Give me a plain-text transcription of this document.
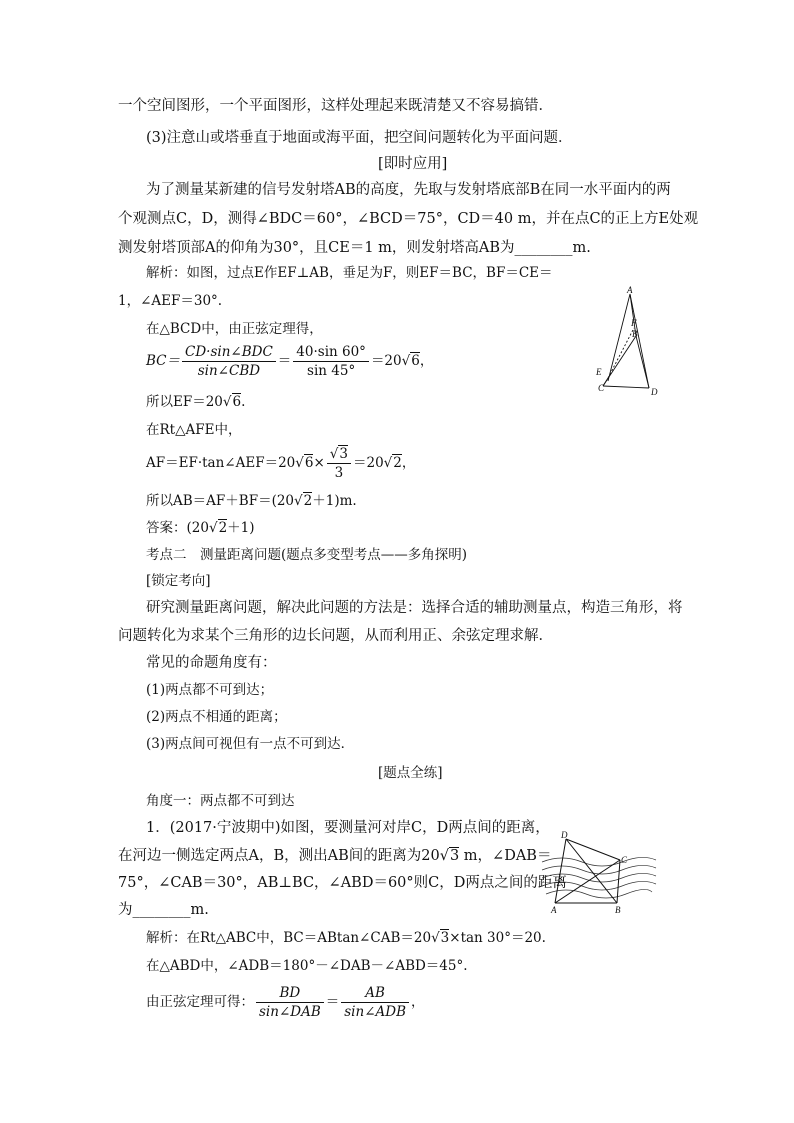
一个空间图形，一个平面图形，这样处理起来既清楚又不容易搞错．
(3)注意山或塔垂直于地面或海平面，把空间问题转化为平面问题．
[即时应用]
为了测量某新建的信号发射塔AB的高度，先取与发射塔底部B在同一水平面内的两
个观测点C，D，测得∠BDC＝60°，∠BCD＝75°，CD＝40 m，并在点C的正上方E处观
测发射塔顶部A的仰角为30°，且CE＝1 m，则发射塔高AB为________m.
解析：如图，过点E作EF⊥AB，垂足为F，则EF＝BC，BF＝CE＝
1，∠AEF＝30°.
在△BCD中，由正弦定理得，
$BC= \frac{\text{CD·sin∠BDC}}{\text{sin∠CBD}} = \frac{40\cdot\sin 60^\circ}{\sin 45^\circ} =20√6$，
所以EF＝20√6.
在Rt△AFE中，
AF＝EF·tan∠AEF＝20√6× $\frac{√3}{3} =20√2$，
所以AB＝AF＋BF＝(20√2＋1)m.
答案：(20√2＋1)
考点二　测量距离问题(题点多变型考点——多角探明)
[锁定考向]
研究测量距离问题，解决此问题的方法是：选择合适的辅助测量点，构造三角形，将
问题转化为求某个三角形的边长问题，从而利用正、余弦定理求解．
常见的命题角度有：
(1)两点都不可到达；
(2)两点不相通的距离；
(3)两点间可视但有一点不可到达．
[题点全练]
角度一：两点都不可到达
1．(2017·宁波期中)如图，要测量河对岸C，D两点间的距离，
在河边一侧选定两点A，B，测出AB间的距离为20√3 m，∠DAB＝
75°，∠CAB＝30°，AB⊥BC，∠ABD＝60°则C，D两点之间的距离
为________m.
解析：在Rt△ABC中，BC＝ABtan∠CAB＝20√3×tan 30°＝20.
在△ABD中，∠ADB＝180°－∠DAB－∠ABD＝45°.
由正弦定理可得： $\frac{BD}{\text{sin∠DAB}} = \frac{AB}{\text{sin∠ADB}}$ ，
A
F
B
E
C	D
D
C
A	B
